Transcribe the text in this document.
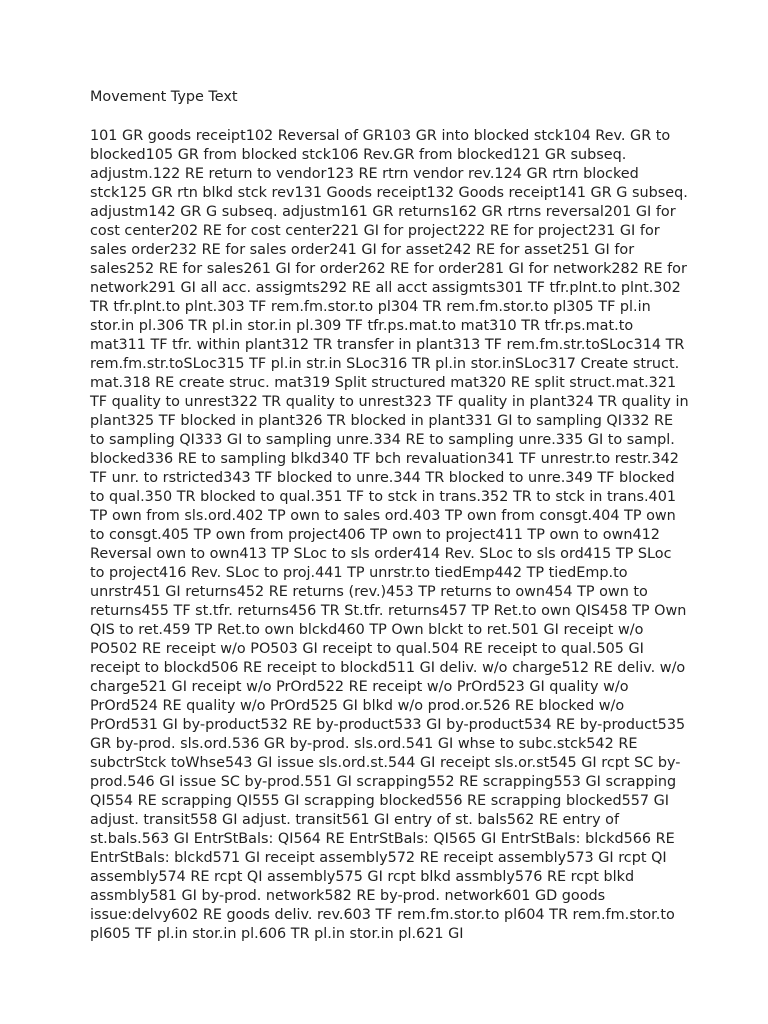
Movement Type Text

101 GR goods receipt102 Reversal of GR103 GR into blocked stck104 Rev. GR to blocked105 GR from blocked stck106 Rev.GR from blocked121 GR subseq. adjustm.122 RE return to vendor123 RE rtrn vendor rev.124 GR rtrn blocked stck125 GR rtn blkd stck rev131 Goods receipt132 Goods receipt141 GR G subseq. adjustm142 GR G subseq. adjustm161 GR returns162 GR rtrns reversal201 GI for cost center202 RE for cost center221 GI for project222 RE for project231 GI for sales order232 RE for sales order241 GI for asset242 RE for asset251 GI for sales252 RE for sales261 GI for order262 RE for order281 GI for network282 RE for network291 GI all acc. assigmts292 RE all acct assigmts301 TF tfr.plnt.to plnt.302 TR tfr.plnt.to plnt.303 TF rem.fm.stor.to pl304 TR rem.fm.stor.to pl305 TF pl.in stor.in pl.306 TR pl.in stor.in pl.309 TF tfr.ps.mat.to mat310 TR tfr.ps.mat.to mat311 TF tfr. within plant312 TR transfer in plant313 TF rem.fm.str.toSLoc314 TR rem.fm.str.toSLoc315 TF pl.in str.in SLoc316 TR pl.in stor.inSLoc317 Create struct. mat.318 RE create struc. mat319 Split structured mat320 RE split struct.mat.321 TF quality to unrest322 TR quality to unrest323 TF quality in plant324 TR quality in plant325 TF blocked in plant326 TR blocked in plant331 GI to sampling QI332 RE to sampling QI333 GI to sampling unre.334 RE to sampling unre.335 GI to sampl. blocked336 RE to sampling blkd340 TF bch revaluation341 TF unrestr.to restr.342 TF unr. to rstricted343 TF blocked to unre.344 TR blocked to unre.349 TF blocked to qual.350 TR blocked to qual.351 TF to stck in trans.352 TR to stck in trans.401 TP own from sls.ord.402 TP own to sales ord.403 TP own from consgt.404 TP own to consgt.405 TP own from project406 TP own to project411 TP own to own412 Reversal own to own413 TP SLoc to sls order414 Rev. SLoc to sls ord415 TP SLoc to project416 Rev. SLoc to proj.441 TP unrstr.to tiedEmp442 TP tiedEmp.to unrstr451 GI returns452 RE returns (rev.)453 TP returns to own454 TP own to returns455 TF st.tfr. returns456 TR St.tfr. returns457 TP Ret.to own QIS458 TP Own QIS to ret.459 TP Ret.to own blckd460 TP Own blckt to ret.501 GI receipt w/o PO502 RE receipt w/o PO503 GI receipt to qual.504 RE receipt to qual.505 GI receipt to blockd506 RE receipt to blockd511 GI deliv. w/o charge512 RE deliv. w/o charge521 GI receipt w/o PrOrd522 RE receipt w/o PrOrd523 GI quality w/o PrOrd524 RE quality w/o PrOrd525 GI blkd w/o prod.or.526 RE blocked w/o PrOrd531 GI by-product532 RE by-product533 GI by-product534 RE by-product535 GR by-prod. sls.ord.536 GR by-prod. sls.ord.541 GI whse to subc.stck542 RE subctrStck toWhse543 GI issue sls.ord.st.544 GI receipt sls.or.st545 GI rcpt SC by-prod.546 GI issue SC by-prod.551 GI scrapping552 RE scrapping553 GI scrapping QI554 RE scrapping QI555 GI scrapping blocked556 RE scrapping blocked557 GI adjust. transit558 GI adjust. transit561 GI entry of st. bals562 RE entry of st.bals.563 GI EntrStBals: QI564 RE EntrStBals: QI565 GI EntrStBals: blckd566 RE EntrStBals: blckd571 GI receipt assembly572 RE receipt assembly573 GI rcpt QI assembly574 RE rcpt QI assembly575 GI rcpt blkd assmbly576 RE rcpt blkd assmbly581 GI by-prod. network582 RE by-prod. network601 GD goods issue:delvy602 RE goods deliv. rev.603 TF rem.fm.stor.to pl604 TR rem.fm.stor.to pl605 TF pl.in stor.in pl.606 TR pl.in stor.in pl.621 GI
